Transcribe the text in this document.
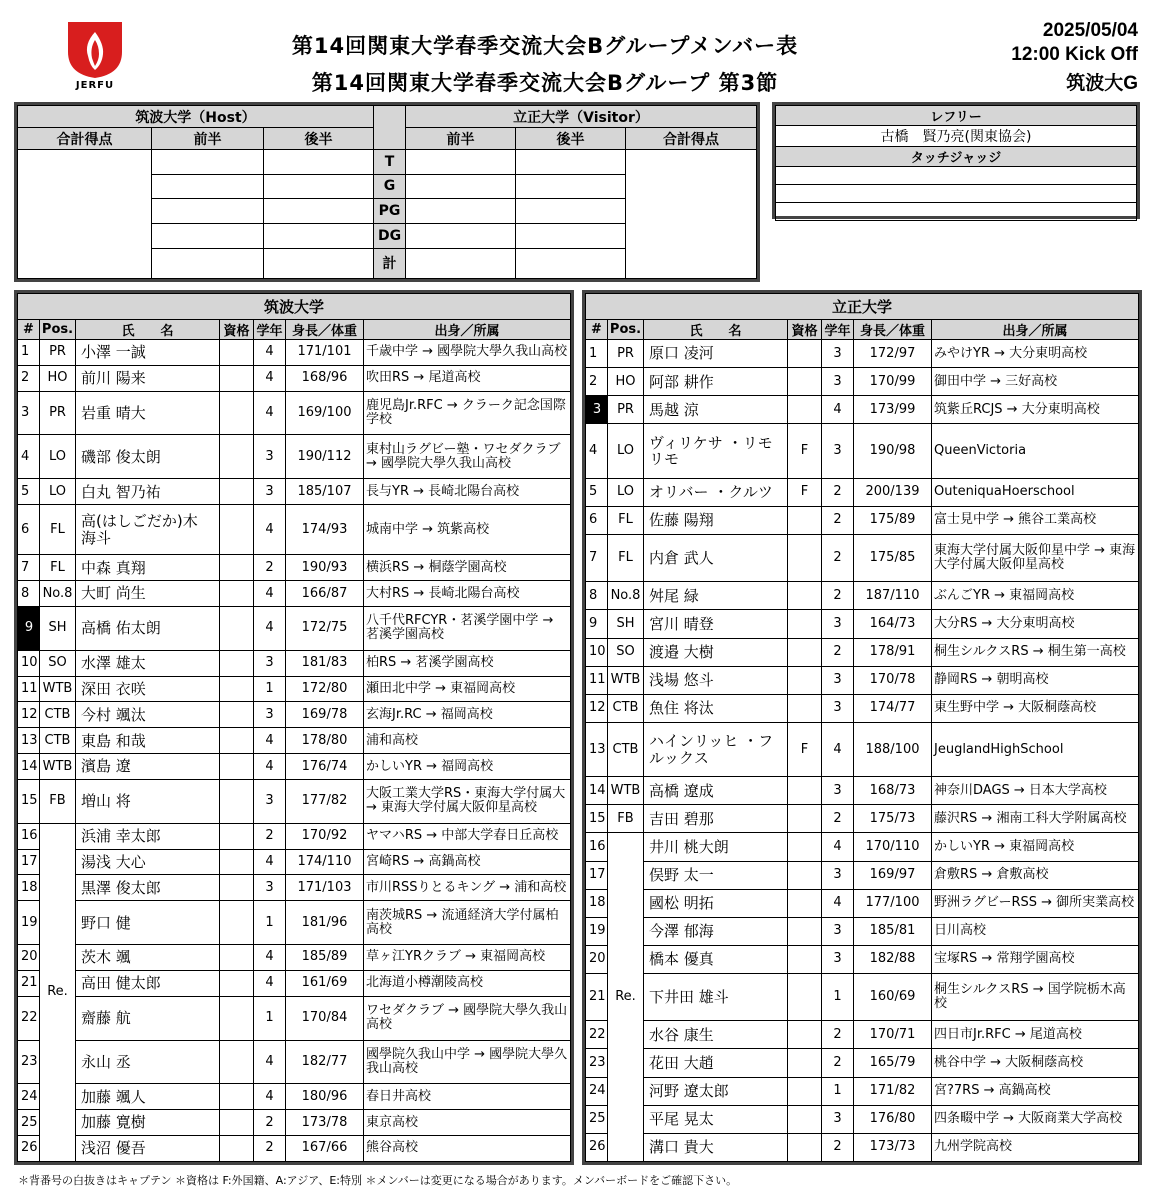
JERFU
第14回関東大学春季交流大会Bグループメンバー表
第14回関東大学春季交流大会Bグループ 第3節
2025/05/04
12:00 Kick Off
筑波大G
筑波大学（Host）				立正大学（Visitor）		
合計得点	前半	後半		前半	後半	合計得点
			T			
			G			
			PG			
			DG			
			計			
レフリー
古橋　賢乃亮(関東協会)
タッチジャッジ

筑波大学						
#	Pos.	氏　　名	資格	学年	身長／体重	出身／所属
1	PR	小澤 一誠		4	171/101	千歳中学 → 國學院大學久我山高校
2	HO	前川 陽来		4	168/96	吹田RS → 尾道高校
3	PR	岩重 晴大		4	169/100	鹿児島Jr.RFC → クラーク記念国際学校
4	LO	磯部 俊太朗		3	190/112	東村山ラグビー塾・ワセダクラブ → 國學院大學久我山高校
5	LO	白丸 智乃祐		3	185/107	長与YR → 長崎北陽台高校
6	FL	高(はしごだか)木 海斗		4	174/93	城南中学 → 筑紫高校
7	FL	中森 真翔		2	190/93	横浜RS → 桐蔭学園高校
8	No.8	大町 尚生		4	166/87	大村RS → 長崎北陽台高校
9	SH	高橋 佑太朗		4	172/75	八千代RFCYR・茗溪学園中学 → 茗溪学園高校
10	SO	水澤 雄太		3	181/83	柏RS → 茗溪学園高校
11	WTB	深田 衣咲		1	172/80	瀬田北中学 → 東福岡高校
12	CTB	今村 颯汰		3	169/78	玄海Jr.RC → 福岡高校
13	CTB	東島 和哉		4	178/80	浦和高校
14	WTB	濱島 遼		4	176/74	かしいYR → 福岡高校
15	FB	増山 将		3	177/82	大阪工業大学RS・東海大学付属大 → 東海大学付属大阪仰星高校
16	Re.	浜浦 幸太郎		2	170/92	ヤマハRS → 中部大学春日丘高校
17		湯浅 大心		4	174/110	宮崎RS → 高鍋高校
18		黒澤 俊太郎		3	171/103	市川RSSりとるキング → 浦和高校
19		野口 健		1	181/96	南茨城RS → 流通経済大学付属柏高校
20		茨木 颯		4	185/89	草ヶ江YRクラブ → 東福岡高校
21		高田 健太郎		4	161/69	北海道小樽潮陵高校
22		齋藤 航		1	170/84	ワセダクラブ → 國學院大學久我山高校
23		永山 丞		4	182/77	國學院久我山中学 → 國學院大學久我山高校
24		加藤 颯人		4	180/96	春日井高校
25		加藤 寛樹		2	173/78	東京高校
26		浅沼 優吾		2	167/66	熊谷高校
立正大学						
#	Pos.	氏　　名	資格	学年	身長／体重	出身／所属
1	PR	原口 凌河		3	172/97	みやけYR → 大分東明高校
2	HO	阿部 耕作		3	170/99	御田中学 → 三好高校
3	PR	馬越 涼		4	173/99	筑紫丘RCJS → 大分東明高校
4	LO	ヴィリケサ ・リモリモ	F	3	190/98	QueenVictoria
5	LO	オリバー ・クルツ	F	2	200/139	OuteniquaHoerschool
6	FL	佐藤 陽翔		2	175/89	富士見中学 → 熊谷工業高校
7	FL	内倉 武人		2	175/85	東海大学付属大阪仰星中学 → 東海大学付属大阪仰星高校
8	No.8	舛尾 緑		2	187/110	ぶんごYR → 東福岡高校
9	SH	宮川 晴登		3	164/73	大分RS → 大分東明高校
10	SO	渡邉 大樹		2	178/91	桐生シルクスRS → 桐生第一高校
11	WTB	浅場 悠斗		3	170/78	静岡RS → 朝明高校
12	CTB	魚住 将汰		3	174/77	東生野中学 → 大阪桐蔭高校
13	CTB	ハインリッヒ ・フルックス	F	4	188/100	JeuglandHighSchool
14	WTB	高橋 遼成		3	168/73	神奈川DAGS → 日本大学高校
15	FB	吉田 碧那		2	175/73	藤沢RS → 湘南工科大学附属高校
16	Re.	井川 桃大朗		4	170/110	かしいYR → 東福岡高校
17		俣野 太一		3	169/97	倉敷RS → 倉敷高校
18		國松 明拓		4	177/100	野洲ラグビーRSS → 御所実業高校
19		今澤 郁海		3	185/81	日川高校
20		橋本 優真		3	182/88	宝塚RS → 常翔学園高校
21		下井田 雄斗		1	160/69	桐生シルクスRS → 国学院栃木高校
22		水谷 康生		2	170/71	四日市Jr.RFC → 尾道高校
23		花田 大趙		2	165/79	桃谷中学 → 大阪桐蔭高校
24		河野 遼太郎		1	171/82	宮?7RS → 高鍋高校
25		平尾 晃太		3	176/80	四条畷中学 → 大阪商業大学高校
26		溝口 貴大		2	173/73	九州学院高校
＊背番号の白抜きはキャプテン ＊資格は F:外国籍、A:アジア、E:特別 ＊メンバーは変更になる場合があります。メンバーボードをご確認下さい。
